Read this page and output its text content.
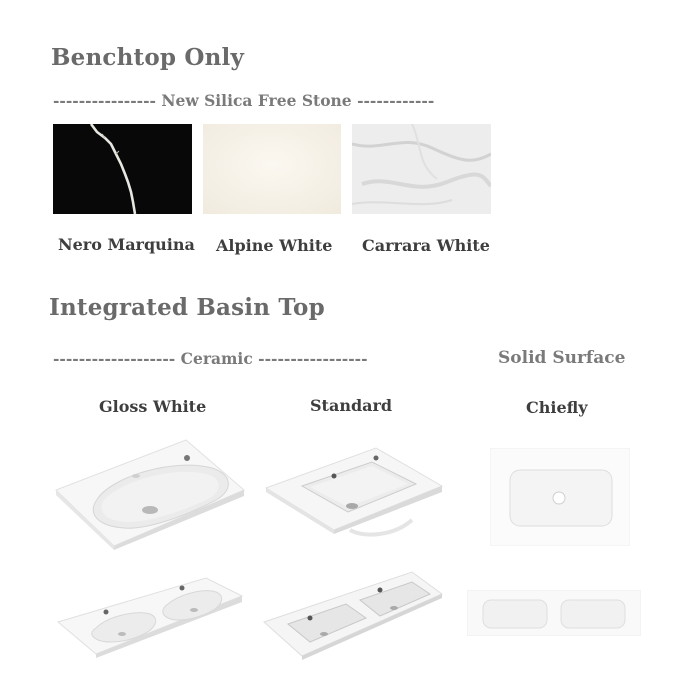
Benchtop Only
---------------- New Silica Free Stone ------------
Nero Marquina Alpine White Carrara White
Integrated Basin Top
------------------- Ceramic -----------------	Solid Surface
Gloss White	Standard	Chiefly
